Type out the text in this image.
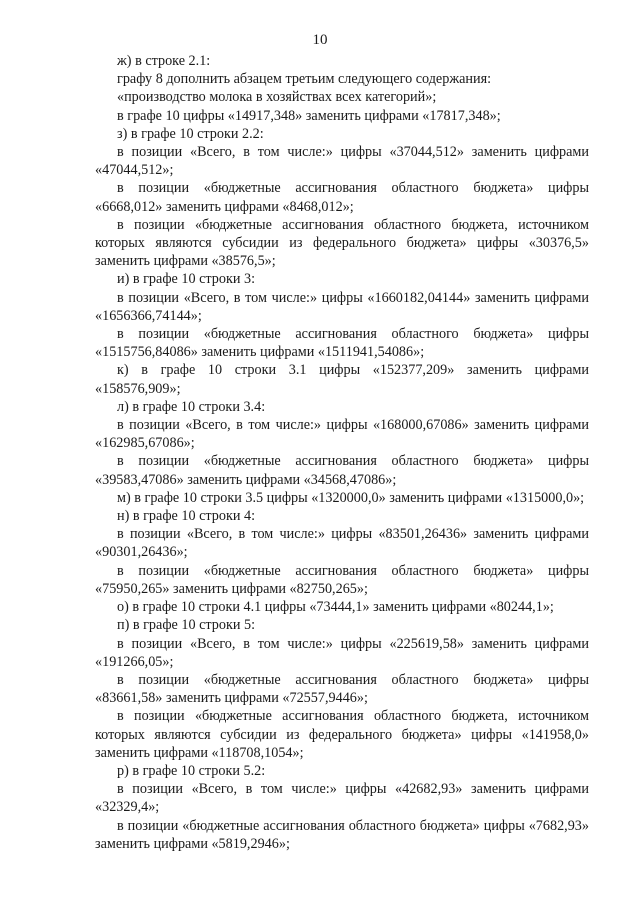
10

ж) в строке 2.1:

графу 8 дополнить абзацем третьим следующего содержания:

«производство молока в хозяйствах всех категорий»;

в графе 10 цифры «14917,348» заменить цифрами «17817,348»;

з) в графе 10 строки 2.2:

в позиции «Всего, в том числе:» цифры «37044,512» заменить цифрами «47044,512»;

в позиции «бюджетные ассигнования областного бюджета» цифры «6668,012» заменить цифрами «8468,012»;

в позиции «бюджетные ассигнования областного бюджета, источником которых являются субсидии из федерального бюджета» цифры «30376,5» заменить цифрами «38576,5»;

и) в графе 10 строки 3:

в позиции «Всего, в том числе:» цифры «1660182,04144» заменить цифрами «1656366,74144»;

в позиции «бюджетные ассигнования областного бюджета» цифры «1515756,84086» заменить цифрами «1511941,54086»;

к) в графе 10 строки 3.1 цифры «152377,209» заменить цифрами «158576,909»;

л) в графе 10 строки 3.4:

в позиции «Всего, в том числе:» цифры «168000,67086» заменить цифрами «162985,67086»;

в позиции «бюджетные ассигнования областного бюджета» цифры «39583,47086» заменить цифрами «34568,47086»;

м) в графе 10 строки 3.5 цифры «1320000,0» заменить цифрами «1315000,0»;

н) в графе 10 строки 4:

в позиции «Всего, в том числе:» цифры «83501,26436» заменить цифрами «90301,26436»;

в позиции «бюджетные ассигнования областного бюджета» цифры «75950,265» заменить цифрами «82750,265»;

о) в графе 10 строки 4.1 цифры «73444,1» заменить цифрами «80244,1»;

п) в графе 10 строки 5:

в позиции «Всего, в том числе:» цифры «225619,58» заменить цифрами «191266,05»;

в позиции «бюджетные ассигнования областного бюджета» цифры «83661,58» заменить цифрами «72557,9446»;

в позиции «бюджетные ассигнования областного бюджета, источником которых являются субсидии из федерального бюджета» цифры «141958,0» заменить цифрами «118708,1054»;

р) в графе 10 строки 5.2:

в позиции «Всего, в том числе:» цифры «42682,93» заменить цифрами «32329,4»;

в позиции «бюджетные ассигнования областного бюджета» цифры «7682,93» заменить цифрами «5819,2946»;
